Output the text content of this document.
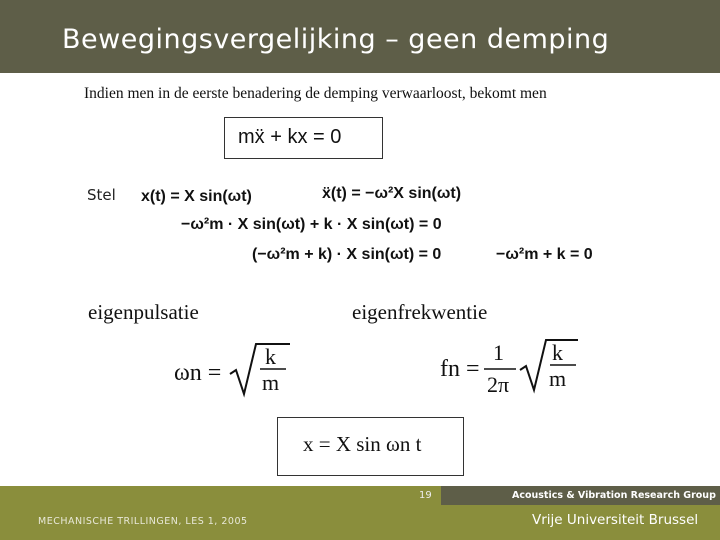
Bewegingsvergelijking – geen demping
Indien men in de eerste benadering de demping verwaarloost, bekomt men
mẍ + kx = 0
Stel x(t) = X sin(ωt)	ẍ(t) = −ω²X sin(ωt)
−ω²m · X sin(ωt) + k · X sin(ωt) = 0
(−ω²m + k) · X sin(ωt) = 0	−ω²m + k = 0
eigenpulsatie	eigenfrekwentie
ωn =
k
m
fn =
1
2π
k
m
x = X sin ωn t
19	Acoustics & Vibration Research Group
MECHANISCHE TRILLINGEN, LES 1, 2005	Vrije Universiteit Brussel
